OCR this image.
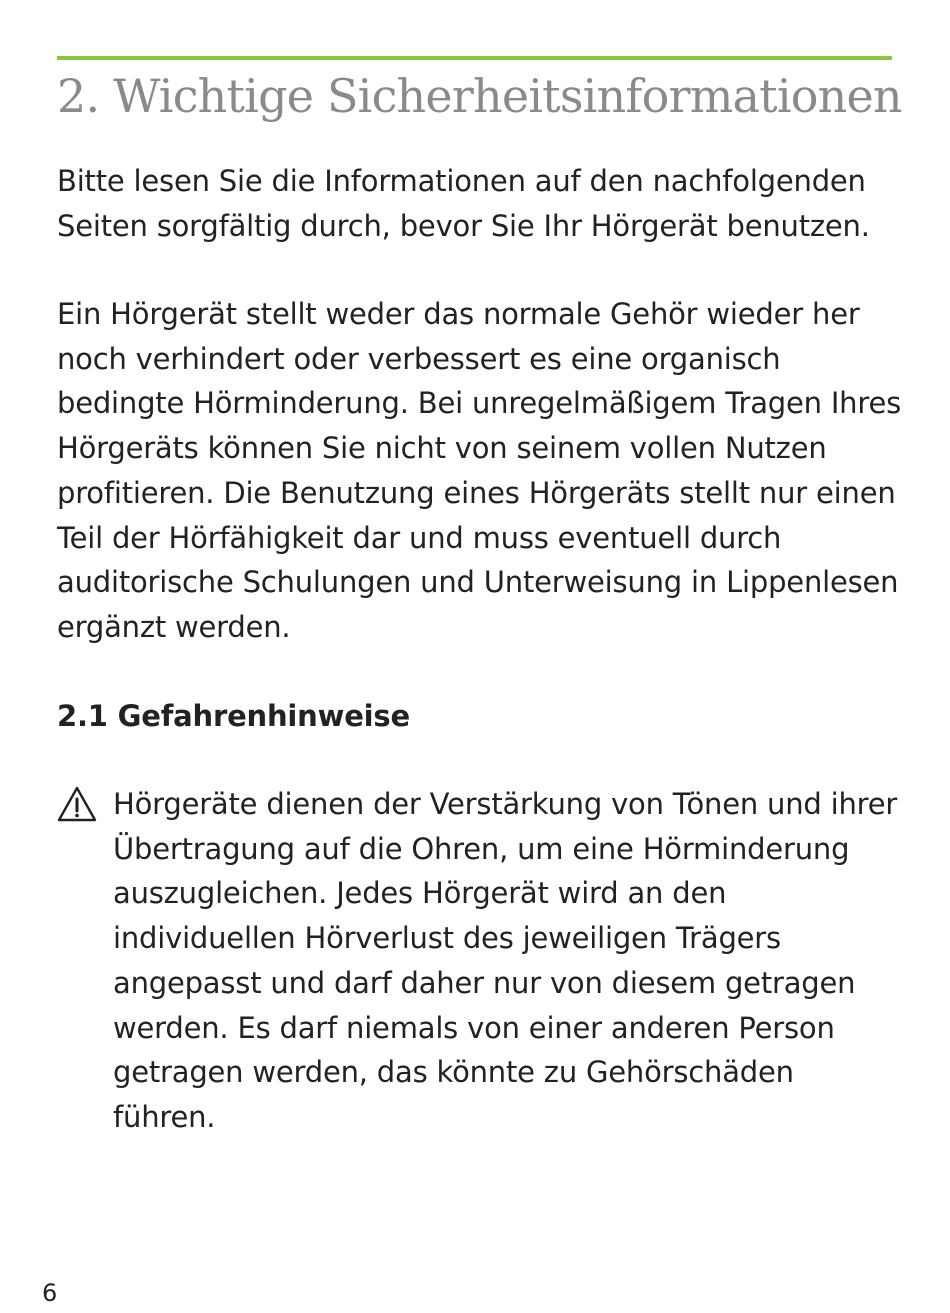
2. Wichtige Sicherheitsinformationen

Bitte lesen Sie die Informationen auf den nachfolgenden Seiten sorgfältig durch, bevor Sie Ihr Hörgerät benutzen.

Ein Hörgerät stellt weder das normale Gehör wieder her noch verhindert oder verbessert es eine organisch bedingte Hörminderung. Bei unregelmäßigem Tragen Ihres Hörgeräts können Sie nicht von seinem vollen Nutzen profitieren. Die Benutzung eines Hörgeräts stellt nur einen Teil der Hörfähigkeit dar und muss eventuell durch auditorische Schulungen und Unterweisung in Lippenlesen ergänzt werden.

2.1 Gefahrenhinweise

Hörgeräte dienen der Verstärkung von Tönen und ihrer Übertragung auf die Ohren, um eine Hörminderung auszugleichen. Jedes Hörgerät wird an den individuellen Hörverlust des jeweiligen Trägers angepasst und darf daher nur von diesem getragen werden. Es darf niemals von einer anderen Person getragen werden, das könnte zu Gehörschäden führen.

6
